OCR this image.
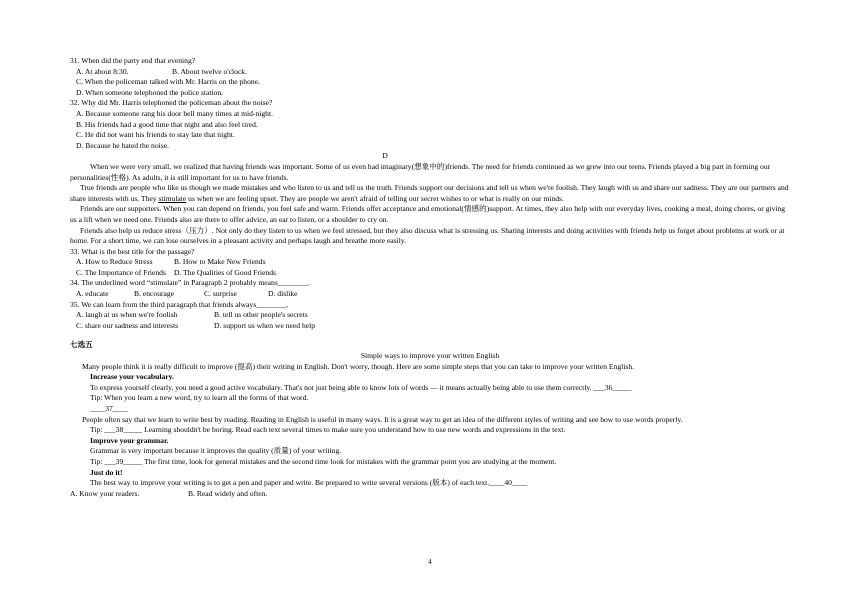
31. When did the party end that evening?
A. At about 8:30.	B. About twelve o'clock.
C. When the policeman talked with Mr. Harris on the phone.
D. When someone telephoned the police station.
32. Why did Mr. Harris telephoned the policeman about the noise?
A. Because someone rang his door bell many times at mid-night.
B. His friends had a good time that night and also feel tired.
C. He did not want his friends to stay late that night.
D. Because he hated the noise.
D
When we were very small, we realized that having friends was important. Some of us even had imaginary(想象中的)friends. The need for friends continued as we grew into our teens. Friends played a big part in forming our personalities(性格). As adults, it is still important for us to have friends.
True friends are people who like us though we made mistakes and who listen to us and tell us the truth. Friends support our decisions and tell us when we're foolish. They laugh with us and share our sadness. They are our partners and share interests with us. They stimulate us when we are feeling upset. They are people we aren't afraid of telling our secret wishes to or what is really on our minds.
Friends are our supporters. When you can depend on friends, you feel safe and warm. Friends offer acceptance and emotional(情感的)support. At times, they also help with our everyday lives, cooking a meal, doing chores, or giving us a lift when we need one. Friends also are there to offer advice, an ear to listen, or a shoulder to cry on.
Friends also help us reduce stress（压力）. Not only do they listen to us when we feel stressed, but they also discuss what is stressing us. Sharing interests and doing activities with friends help us forget about problems at work or at home. For a short time, we can lose ourselves in a pleasant activity and perhaps laugh and breathe more easily.
33. What is the best title for the passage?
A. How to Reduce Stress	B. How to Make New Friends
C. The Importance of Friends D. The Qualities of Good Friends
34. The underlined word “stimulate” in Paragraph 2 probably means________.
A. educate	B. encourage	C. surprise	D. dislike
35. We can learn from the third paragraph that friends always________.
A. laugh at us when we're foolish	B. tell us other people's secrets
C. share our sadness and interests	D. support us when we need help
七选五
Simple ways to improve your written English
Many people think it is really difficult to improve (提高) their writing in English. Don't worry, though. Here are some simple steps that you can take to improve your written English.
Increase your vocabulary.
To express yourself clearly, you need a good active vocabulary. That's not just being able to know lots of words — it means actually being able to use them correctly. ___36_____
Tip: When you learn a new word, try to learn all the forms of that word.
____37____
People often say that we learn to write best by reading. Reading in English is useful in many ways. It is a great way to get an idea of the different styles of writing and see how to use words properly.
Tip: ___38_____ Learning shouldn't be boring. Read each text several times to make sure you understand how to use new words and expressions in the text.
Improve your grammar.
Grammar is very important because it improves the quality (质量) of your writing.
Tip: ___39_____ The first time, look for general mistakes and the second time look for mistakes with the grammar point you are studying at the moment.
Just do it!
The best way to improve your writing is to get a pen and paper and write. Be prepared to write several versions (版本) of each text.____40____
A. Know your readers.	B. Read widely and often.
4
